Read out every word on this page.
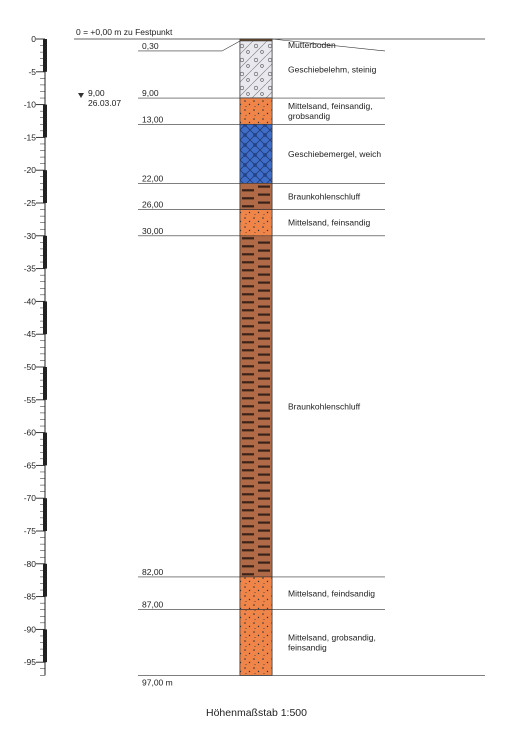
0 = +0,00 m zu Festpunkt
0
-5
-10
-15
-20
-25
-30
-35
-40
-45
-50
-55
-60
-65
-70
-75
-80
-85
-90
-95
9,00
26.03.07
0,30	Mutterboden
9,00
Geschiebelehm, steinig
13,00
Mittelsand, feinsandig, grobsandig
22,00
Geschiebemergel, weich
26,00
Braunkohlenschluff
30,00
Mittelsand, feinsandig
82,00
Braunkohlenschluff
87,00
Mittelsand, feindsandig
97,00 m
Mittelsand, grobsandig, feinsandig
Höhenmaßstab 1:500
